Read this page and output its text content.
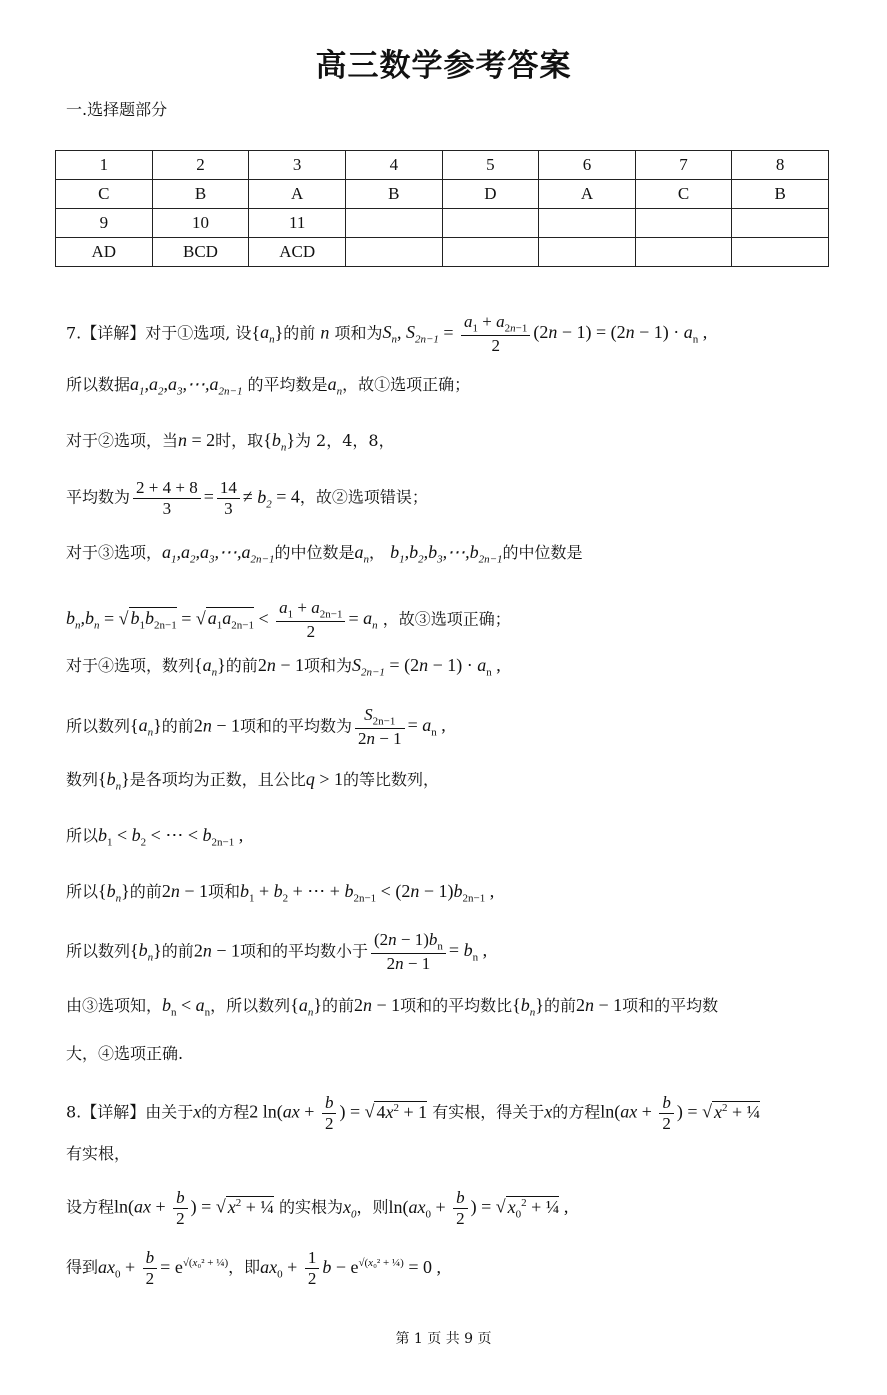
高三数学参考答案
一.选择题部分
1	2	3	4	5	6	7	8
C	B	A	B	D	A	C	B
9	10	11					
AD	BCD	ACD					
7.【详解】对于①选项, 设$\{a_n\}$的前 n 项和为$S_n$, $S_{2n-1} = \frac{a_1 + a_{2n-1}}{2} (2n - 1) = (2n - 1) \cdot a_n$ ,
所以数据$a_1,a_2,a_3,\cdots,a_{2n-1}$ 的平均数是$a_n$，故①选项正确；
对于②选项，当n = 2时，取$\{b_n\}$为 2，4，8，
平均数为 $\frac{2 + 4 + 8}{3} = \frac{14}{3} \ne b_2 = 4$，故②选项错误；
对于③选项，$a_1,a_2,a_3,\cdots,a_{2n-1}$的中位数是$a_n$， $b_1,b_2,b_3,\cdots,b_{2n-1}$的中位数是
$b_n,b_n$ = √ $b_1b_{2n-1}$ = √ $a_1a_{2n-1} < \frac{a_1 + a_{2n-1}}{2} = a_n$ ，故③选项正确；
对于④选项，数列$\{a_n\}$的前2n − 1项和为$S_{2n-1} = (2n - 1) \cdot a_n$ ,
所以数列$\{a_n\}$的前2n − 1项和的平均数为 $\frac{S_{2n-1}}{2n - 1} = a_n$ ,
数列$\{b_n\}$是各项均为正数，且公比q > 1的等比数列，
所以$b_1 < b_2$ < ⋯ < $b_{2n-1}$ ,
所以$\{b_n\}$的前2n − 1项和$b_1 + b_2$ + ⋯ + $b_{2n-1} < (2n - 1)b_{2n-1}$ ,
所以数列$\{b_n\}$的前2n − 1项和的平均数小于 $\frac{(2n - 1)b_n}{2n - 1} = b_n$ ,
由③选项知，$b_n < a_n$，所以数列$\{a_n\}$的前2n − 1项和的平均数比$\{b_n\}$的前2n − 1项和的平均数
大，④选项正确.
8.【详解】由关于x的方程2 $\ln(ax + \frac{b}{2}$ ) = √ $4x^2 + 1$ 有实根，得关于x的方程$\ln(ax + \frac{b}{2}$ ) = √ $x^2$ + ¼
有实根，
设方程$\ln(ax + \frac{b}{2}$ ) = √ $x^2$ + ¼ 的实根为$x_0$，则$\ln(ax_0 + \frac{b}{2}$ ) = √ $x_0^2$ + ¼ ,
得到$ax_0 + \frac{b}{2} = e^{√(x_0^2 + \frac{1}{4})}$，即$ax_0 + \frac{1}{2}$ $b - e^{√(x_0^2 + \frac{1}{4})} = 0$ ,
第 1 页 共 9 页
